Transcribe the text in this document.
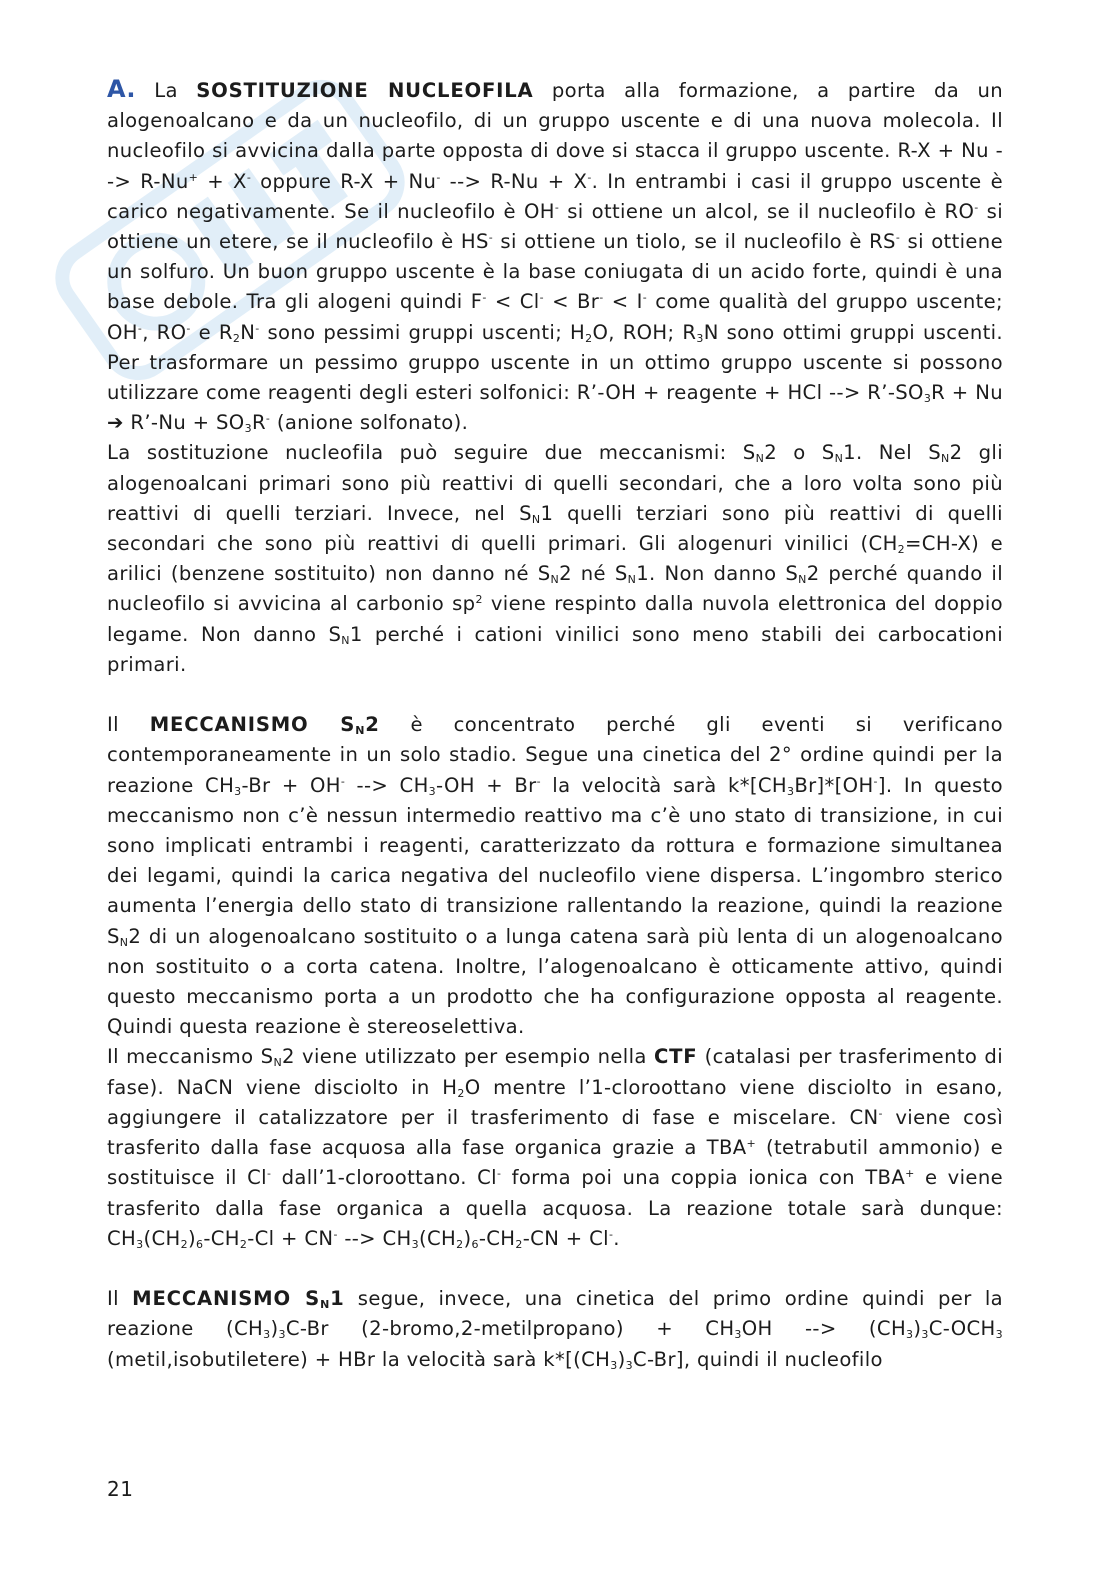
A. La SOSTITUZIONE NUCLEOFILA porta alla formazione, a partire da un alogenoalcano e da un nucleofilo, di un gruppo uscente e di una nuova molecola. Il nucleofilo si avvicina dalla parte opposta di dove si stacca il gruppo uscente. R-X + Nu --> R-Nu+ + X- oppure R-X + Nu- --> R-Nu + X-. In entrambi i casi il gruppo uscente è carico negativamente. Se il nucleofilo è OH- si ottiene un alcol, se il nucleofilo è RO- si ottiene un etere, se il nucleofilo è HS- si ottiene un tiolo, se il nucleofilo è RS- si ottiene un solfuro. Un buon gruppo uscente è la base coniugata di un acido forte, quindi è una base debole. Tra gli alogeni quindi F- < Cl- < Br- < I- come qualità del gruppo uscente; OH-, RO- e $R_2N^-$ sono pessimi gruppi uscenti; $H_2O$, ROH; $R_3N$ sono ottimi gruppi uscenti. Per trasformare un pessimo gruppo uscente in un ottimo gruppo uscente si possono utilizzare come reagenti degli esteri solfonici: R’-OH + reagente + HCl --> $R’-SO_3R + Nu$ ➔ R’-Nu + $SO_3R^-$ (anione solfonato).

La sostituzione nucleofila può seguire due meccanismi: $S_N2$ o $S_N1$. Nel $S_N2$ gli alogenoalcani primari sono più reattivi di quelli secondari, che a loro volta sono più reattivi di quelli terziari. Invece, nel $S_N1$ quelli terziari sono più reattivi di quelli secondari che sono più reattivi di quelli primari. Gli alogenuri vinilici $(CH_2=CH-X)$ e arilici (benzene sostituito) non danno né $S_N2$ né $S_N1$. Non danno $S_N2$ perché quando il nucleofilo si avvicina al carbonio $sp^2$ viene respinto dalla nuvola elettronica del doppio legame. Non danno $S_N1$ perché i cationi vinilici sono meno stabili dei carbocationi primari.

Il MECCANISMO $S_N2$ è concentrato perché gli eventi si verificano contemporaneamente in un solo stadio. Segue una cinetica del 2° ordine quindi per la reazione $CH_3-Br + OH^-$ --> $CH_3-OH + Br^-$ la velocità sarà $k*[CH_3Br]*[OH^-]$. In questo meccanismo non c’è nessun intermedio reattivo ma c’è uno stato di transizione, in cui sono implicati entrambi i reagenti, caratterizzato da rottura e formazione simultanea dei legami, quindi la carica negativa del nucleofilo viene dispersa. L’ingombro sterico aumenta l’energia dello stato di transizione rallentando la reazione, quindi la reazione $S_N2$ di un alogenoalcano sostituito o a lunga catena sarà più lenta di un alogenoalcano non sostituito o a corta catena. Inoltre, l’alogenoalcano è otticamente attivo, quindi questo meccanismo porta a un prodotto che ha configurazione opposta al reagente. Quindi questa reazione è stereoselettiva.

Il meccanismo $S_N2$ viene utilizzato per esempio nella CTF (catalasi per trasferimento di fase). NaCN viene disciolto in $H_2O$ mentre l’1-cloroottano viene disciolto in esano, aggiungere il catalizzatore per il trasferimento di fase e miscelare. CN- viene così trasferito dalla fase acquosa alla fase organica grazie a TBA+ (tetrabutil ammonio) e sostituisce il Cl- dall’1-cloroottano. Cl- forma poi una coppia ionica con TBA+ e viene trasferito dalla fase organica a quella acquosa. La reazione totale sarà dunque: $CH_3(CH_2)_6-CH_2-Cl + CN^-$ --> $CH_3(CH_2)_6-CH_2-CN + Cl^-$.

Il MECCANISMO $S_N1$ segue, invece, una cinetica del primo ordine quindi per la reazione $(CH_3)_3C-Br$ (2-bromo,2-metilpropano) + $CH_3OH$ --> $(CH_3)_3C-OCH_3$ (metil,isobutiletere) + HBr la velocità sarà $k*[(CH_3)_3C-Br]$, quindi il nucleofilo

21
